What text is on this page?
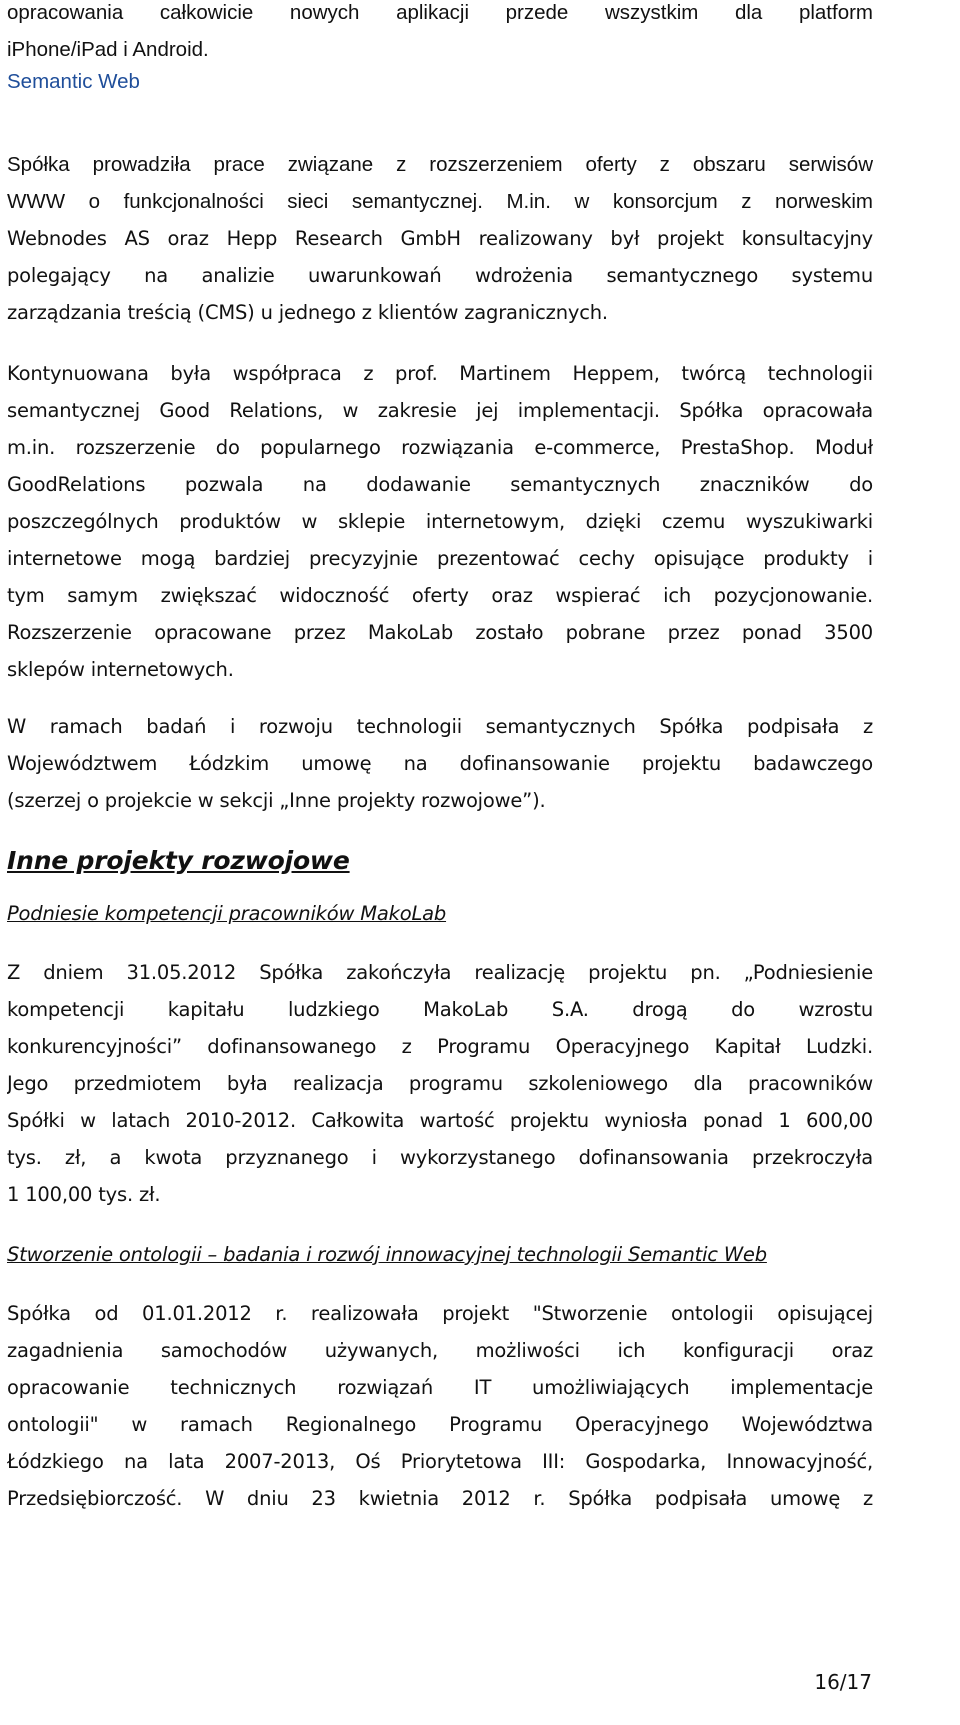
opracowania całkowicie nowych aplikacji przede wszystkim dla platform
iPhone/iPad i Android.
Semantic Web
Spółka prowadziła prace związane z rozszerzeniem oferty z obszaru serwisów
WWW o funkcjonalności sieci semantycznej. M.in. w konsorcjum z norweskim
Webnodes AS oraz Hepp Research GmbH realizowany był projekt konsultacyjny
polegający na analizie uwarunkowań wdrożenia semantycznego systemu
zarządzania treścią (CMS) u jednego z klientów zagranicznych.
Kontynuowana była współpraca z prof. Martinem Heppem, twórcą technologii
semantycznej Good Relations, w zakresie jej implementacji. Spółka opracowała
m.in. rozszerzenie do popularnego rozwiązania e-commerce, PrestaShop. Moduł
GoodRelations pozwala na dodawanie semantycznych znaczników do
poszczególnych produktów w sklepie internetowym, dzięki czemu wyszukiwarki
internetowe mogą bardziej precyzyjnie prezentować cechy opisujące produkty i
tym samym zwiększać widoczność oferty oraz wspierać ich pozycjonowanie.
Rozszerzenie opracowane przez MakoLab zostało pobrane przez ponad 3500
sklepów internetowych.
W ramach badań i rozwoju technologii semantycznych Spółka podpisała z
Województwem Łódzkim umowę na dofinansowanie projektu badawczego
(szerzej o projekcie w sekcji „Inne projekty rozwojowe”).
Inne projekty rozwojowe
Podniesie kompetencji pracowników MakoLab
Z dniem 31.05.2012 Spółka zakończyła realizację projektu pn. „Podniesienie
kompetencji kapitału ludzkiego MakoLab S.A. drogą do wzrostu
konkurencyjności” dofinansowanego z Programu Operacyjnego Kapitał Ludzki.
Jego przedmiotem była realizacja programu szkoleniowego dla pracowników
Spółki w latach 2010-2012. Całkowita wartość projektu wyniosła ponad 1 600,00
tys. zł, a kwota przyznanego i wykorzystanego dofinansowania przekroczyła
1 100,00 tys. zł.
Stworzenie ontologii – badania i rozwój innowacyjnej technologii Semantic Web
Spółka od 01.01.2012 r. realizowała projekt "Stworzenie ontologii opisującej
zagadnienia samochodów używanych, możliwości ich konfiguracji oraz
opracowanie technicznych rozwiązań IT umożliwiających implementacje
ontologii" w ramach Regionalnego Programu Operacyjnego Województwa
Łódzkiego na lata 2007-2013, Oś Priorytetowa III: Gospodarka, Innowacyjność,
Przedsiębiorczość. W dniu 23 kwietnia 2012 r. Spółka podpisała umowę z
16/17
